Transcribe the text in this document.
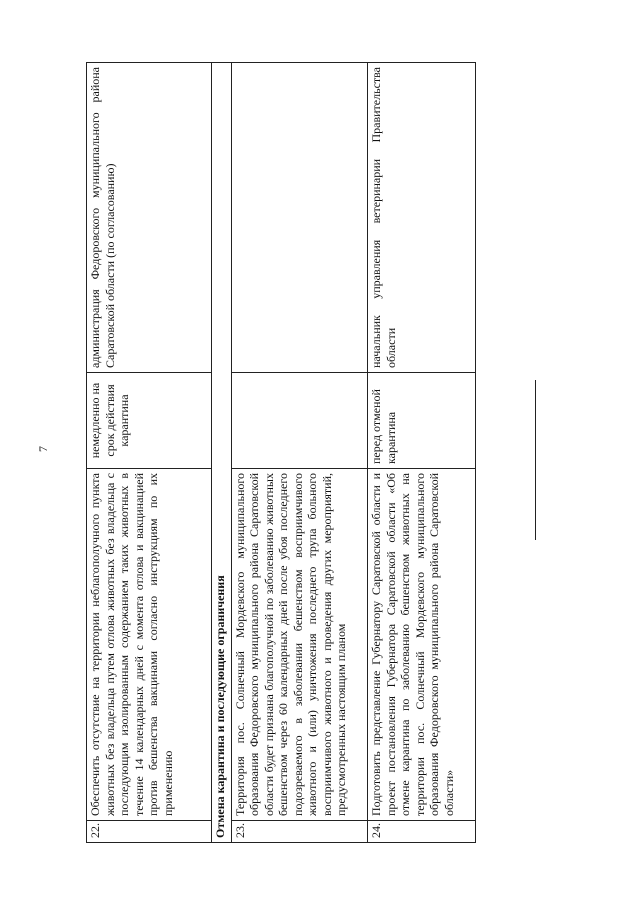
7
22.	Обеспечить отсутствие на территории неблагополучного пункта животных без владельца путем отлова животных без владельца с последующим изолированным содержанием таких животных в течение 14 календарных дней с момента отлова и вакцинацией против бешенства вакцинами согласно инструкциям по их применению	немедленно на срок действия карантина	администрация Федоровского муниципального района Саратовской области (по согласованию)
Отмена карантина и последующие ограничения			
23.	Территория пос. Солнечный Мордевского муниципального образования Федоровского муниципального района Саратовской области будет признана благополучной по заболеванию животных бешенством через 60 календарных дней после убоя последнего подозреваемого в заболевании бешенством восприимчивого животного и (или) уничтожения последнего трупа больного восприимчивого животного и проведения других мероприятий, предусмотренных настоящим планом		
24.	Подготовить представление Губернатору Саратовской области и проект постановления Губернатора Саратовской области «Об отмене карантина по заболеванию бешенством животных на территории пос. Солнечный Мордевского муниципального образования Федоровского муниципального района Саратовской области»	перед отменой карантина	начальник управления ветеринарии Правительства области
